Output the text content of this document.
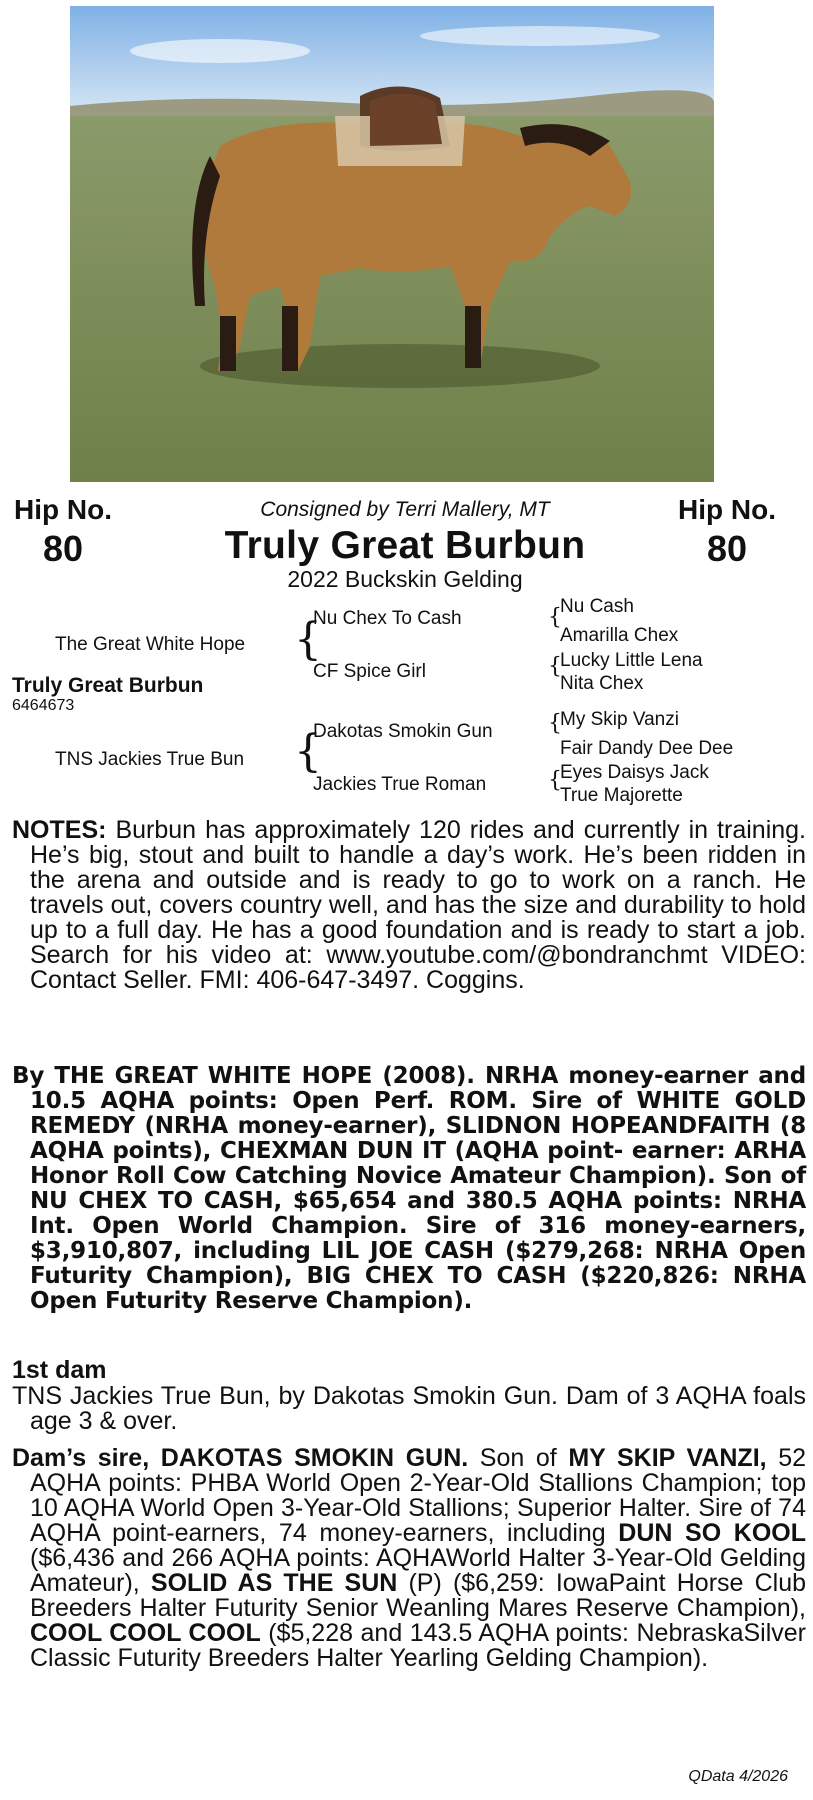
Hip No.
80
Hip No.
80
Consigned by Terri Mallery, MT
Truly Great Burbun
2022 Buckskin Gelding
The Great White Hope
Truly Great Burbun
6464673
TNS Jackies True Bun
{
{
Nu Chex To Cash
CF Spice Girl
Dakotas Smokin Gun
Jackies True Roman
{
{
{
{
Nu Cash
Amarilla Chex
Lucky Little Lena
Nita Chex
My Skip Vanzi
Fair Dandy Dee Dee
Eyes Daisys Jack
True Majorette
NOTES: Burbun has approximately 120 rides and currently in training. He’s big, stout and built to handle a day’s work. He’s been ridden in the arena and outside and is ready to go to work on a ranch. He travels out, covers country well, and has the size and durability to hold up to a full day. He has a good foundation and is ready to start a job. Search for his video at: www.youtube.com/@bondranchmt VIDEO: Contact Seller. FMI: 406-647-3497. Coggins.
By THE GREAT WHITE HOPE (2008). NRHA money-earner and 10.5 AQHA points: Open Perf. ROM. Sire of WHITE GOLD REMEDY (NRHA money-earner), SLIDNON HOPEANDFAITH (8 AQHA points), CHEXMAN DUN IT (AQHA point- earner: ARHA Honor Roll Cow Catching Novice Amateur Champion). Son of NU CHEX TO CASH, $65,654 and 380.5 AQHA points: NRHA Int. Open World Champion. Sire of 316 money-earners, $3,910,807, including LIL JOE CASH ($279,268: NRHA Open Futurity Champion), BIG CHEX TO CASH ($220,826: NRHA Open Futurity Reserve Champion).
1st dam
TNS Jackies True Bun, by Dakotas Smokin Gun. Dam of 3 AQHA foals age 3 & over.
Dam’s sire, DAKOTAS SMOKIN GUN. Son of MY SKIP VANZI, 52 AQHA points: PHBA World Open 2-Year-Old Stallions Champion; top 10 AQHA World Open 3-Year-Old Stallions; Superior Halter. Sire of 74 AQHA point-earners, 74 money-earners, including DUN SO KOOL ($6,436 and 266 AQHA points: AQHAWorld Halter 3-Year-Old Gelding Amateur), SOLID AS THE SUN (P) ($6,259: IowaPaint Horse Club Breeders Halter Futurity Senior Weanling Mares Reserve Champion), COOL COOL COOL ($5,228 and 143.5 AQHA points: NebraskaSilver Classic Futurity Breeders Halter Yearling Gelding Champion).
QData 4/2026
